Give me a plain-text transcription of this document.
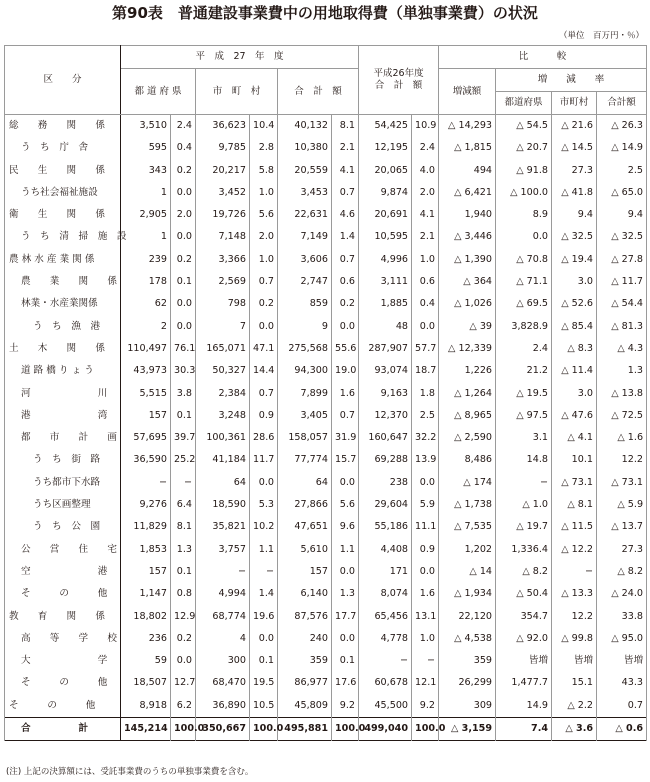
第90表　普通建設事業費中の用地取得費（単独事業費）の状況
（単位　百万円・％）
区　　分	平　成　27　年　度						平成26年度
合　計　額		比　　　較			
	都 道 府 県		市　町　村		合　計　額				増減額	増　　減　　率		
										都道府県	市町村	合計額
総　　務　　関　　係	3,510	2.4	36,623	10.4	40,132	8.1	54,425	10.9	△ 14,293	△ 54.5	△ 21.6	△ 26.3
う　ち　庁　舎	595	0.4	9,785	2.8	10,380	2.1	12,195	2.4	△ 1,815	△ 20.7	△ 14.5	△ 14.9
民　　生　　関　　係	343	0.2	20,217	5.8	20,559	4.1	20,065	4.0	494	△ 91.8	27.3	2.5
うち社会福祉施設	1	0.0	3,452	1.0	3,453	0.7	9,874	2.0	△ 6,421	△ 100.0	△ 41.8	△ 65.0
衛　　生　　関　　係	2,905	2.0	19,726	5.6	22,631	4.6	20,691	4.1	1,940	8.9	9.4	9.4
う　ち　清　掃　施　設	1	0.0	7,148	2.0	7,149	1.4	10,595	2.1	△ 3,446	0.0	△ 32.5	△ 32.5
農 林 水 産 業 関 係	239	0.2	3,366	1.0	3,606	0.7	4,996	1.0	△ 1,390	△ 70.8	△ 19.4	△ 27.8
農　　業　　関　　係	178	0.1	2,569	0.7	2,747	0.6	3,111	0.6	△ 364	△ 71.1	3.0	△ 11.7
林業・水産業関係	62	0.0	798	0.2	859	0.2	1,885	0.4	△ 1,026	△ 69.5	△ 52.6	△ 54.4
う　ち　漁　港	2	0.0	7	0.0	9	0.0	48	0.0	△ 39	3,828.9	△ 85.4	△ 81.3
土　　木　　関　　係	110,497	76.1	165,071	47.1	275,568	55.6	287,907	57.7	△ 12,339	2.4	△ 8.3	△ 4.3
道 路 橋 り ょ う	43,973	30.3	50,327	14.4	94,300	19.0	93,074	18.7	1,226	21.2	△ 11.4	1.3
河　　　　　　　川	5,515	3.8	2,384	0.7	7,899	1.6	9,163	1.8	△ 1,264	△ 19.5	3.0	△ 13.8
港　　　　　　　湾	157	0.1	3,248	0.9	3,405	0.7	12,370	2.5	△ 8,965	△ 97.5	△ 47.6	△ 72.5
都　　市　　計　　画	57,695	39.7	100,361	28.6	158,057	31.9	160,647	32.2	△ 2,590	3.1	△ 4.1	△ 1.6
う　ち　街　路	36,590	25.2	41,184	11.7	77,774	15.7	69,288	13.9	8,486	14.8	10.1	12.2
うち都市下水路	−	−	64	0.0	64	0.0	238	0.0	△ 174	−	△ 73.1	△ 73.1
うち区画整理	9,276	6.4	18,590	5.3	27,866	5.6	29,604	5.9	△ 1,738	△ 1.0	△ 8.1	△ 5.9
う　ち　公　園	11,829	8.1	35,821	10.2	47,651	9.6	55,186	11.1	△ 7,535	△ 19.7	△ 11.5	△ 13.7
公　　営　　住　　宅	1,853	1.3	3,757	1.1	5,610	1.1	4,408	0.9	1,202	1,336.4	△ 12.2	27.3
空　　　　　　　港	157	0.1	−	−	157	0.0	171	0.0	△ 14	△ 8.2	−	△ 8.2
そ　　　の　　　他	1,147	0.8	4,994	1.4	6,140	1.3	8,074	1.6	△ 1,934	△ 50.4	△ 13.3	△ 24.0
教　　育　　関　　係	18,802	12.9	68,774	19.6	87,576	17.7	65,456	13.1	22,120	354.7	12.2	33.8
高　　等　　学　　校	236	0.2	4	0.0	240	0.0	4,778	1.0	△ 4,538	△ 92.0	△ 99.8	△ 95.0
大　　　　　　　学	59	0.0	300	0.1	359	0.1	−	−	359	皆増	皆増	皆増
そ　　　の　　　他	18,507	12.7	68,470	19.5	86,977	17.6	60,678	12.1	26,299	1,477.7	15.1	43.3
そ　　　の　　　他	8,918	6.2	36,890	10.5	45,809	9.2	45,500	9.2	309	14.9	△ 2.2	0.7
合　　　　　計	145,214	100.0	350,667	100.0	495,881	100.0	499,040	100.0	△ 3,159	7.4	△ 3.6	△ 0.6
(注) 上記の決算額には、受託事業費のうちの単独事業費を含む。
